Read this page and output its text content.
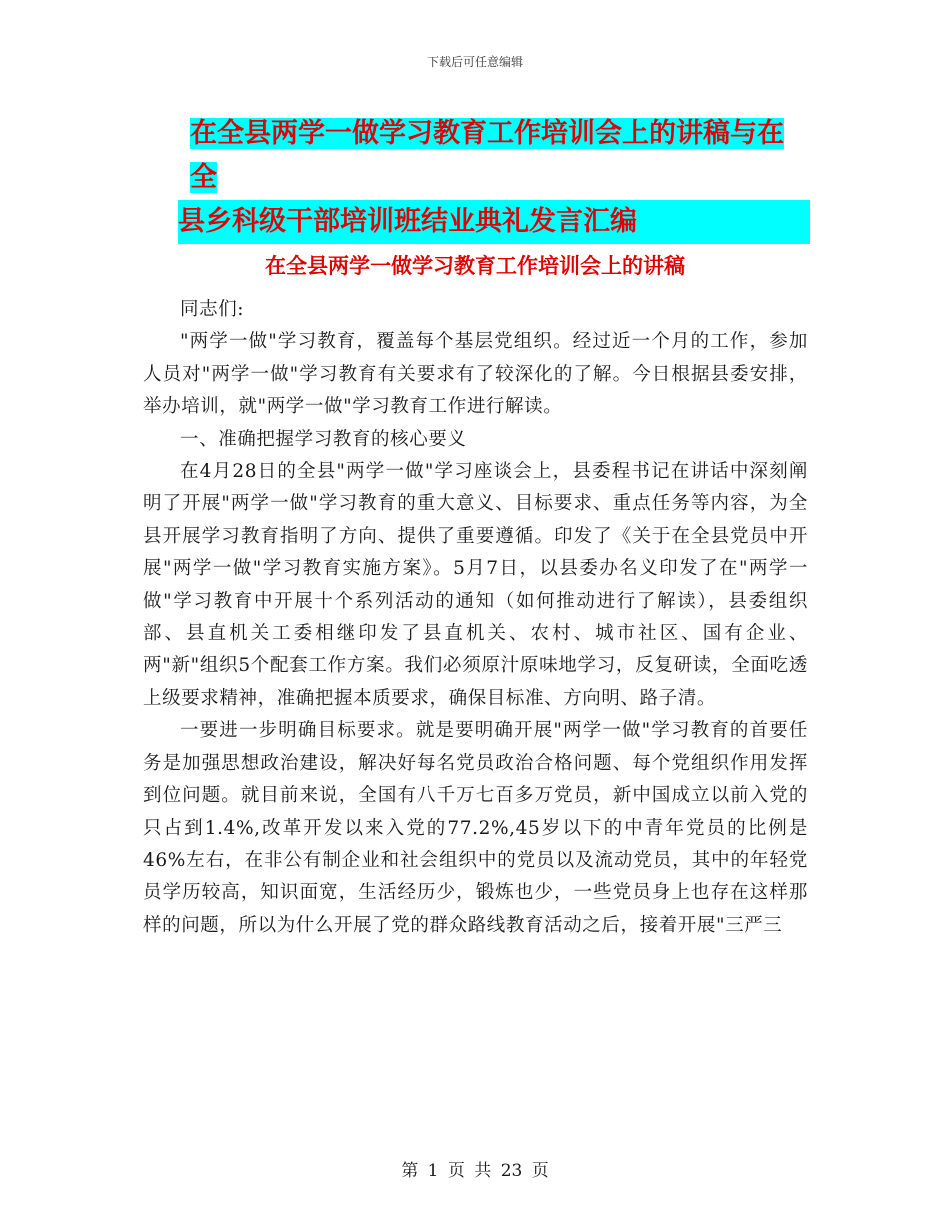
下载后可任意编辑
在全县两学一做学习教育工作培训会上的讲稿与在全
县乡科级干部培训班结业典礼发言汇编
在全县两学一做学习教育工作培训会上的讲稿

同志们:

"两学一做"学习教育，覆盖每个基层党组织。经过近一个月的工作，参加人员对"两学一做"学习教育有关要求有了较深化的了解。今日根据县委安排，举办培训，就"两学一做"学习教育工作进行解读。

一、准确把握学习教育的核心要义

在4月28日的全县"两学一做"学习座谈会上，县委程书记在讲话中深刻阐明了开展"两学一做"学习教育的重大意义、目标要求、重点任务等内容，为全县开展学习教育指明了方向、提供了重要遵循。印发了《关于在全县党员中开展"两学一做"学习教育实施方案》。5月7日，以县委办名义印发了在"两学一做"学习教育中开展十个系列活动的通知（如何推动进行了解读），县委组织部、县直机关工委相继印发了县直机关、农村、城市社区、国有企业、两"新"组织5个配套工作方案。我们必须原汁原味地学习，反复研读，全面吃透上级要求精神，准确把握本质要求，确保目标准、方向明、路子清。

一要进一步明确目标要求。就是要明确开展"两学一做"学习教育的首要任务是加强思想政治建设，解决好每名党员政治合格问题、每个党组织作用发挥到位问题。就目前来说，全国有八千万七百多万党员，新中国成立以前入党的只占到1.4%,改革开发以来入党的77.2%,45岁以下的中青年党员的比例是46%左右，在非公有制企业和社会组织中的党员以及流动党员，其中的年轻党员学历较高，知识面宽，生活经历少，锻炼也少，一些党员身上也存在这样那样的问题，所以为什么开展了党的群众路线教育活动之后，接着开展"三严三

第 1 页 共 23 页
